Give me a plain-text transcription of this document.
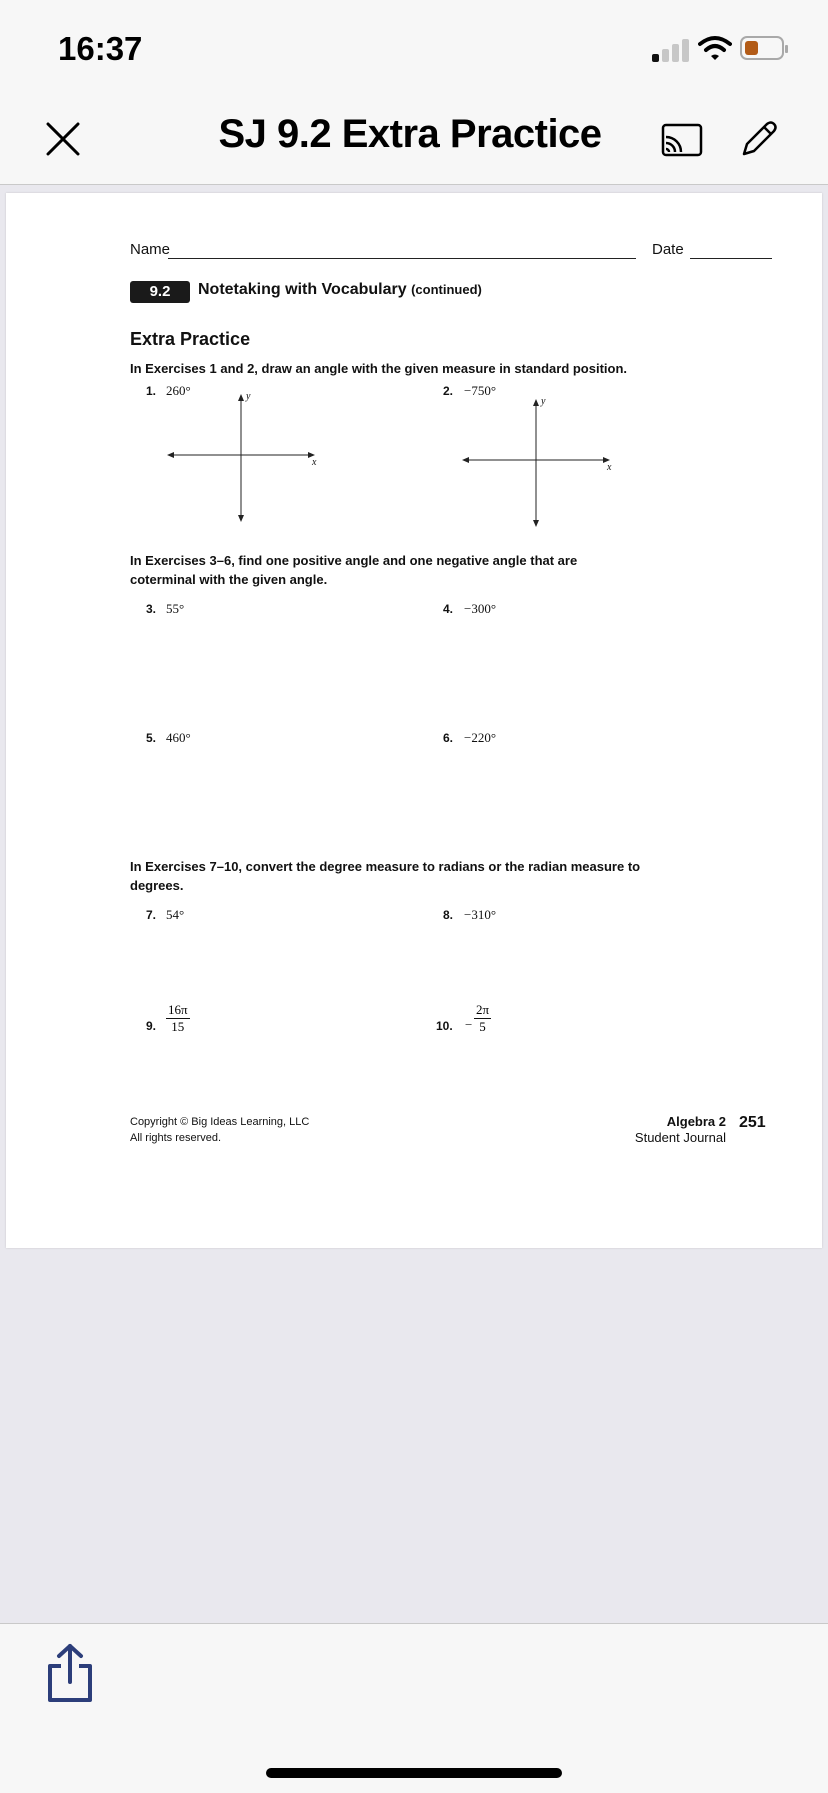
16:37
SJ 9.2 Extra Practice
Name	Date
9.2	Notetaking with Vocabulary (continued)
Extra Practice
In Exercises 1 and 2, draw an angle with the given measure in standard position.
1. 260°	2. −750°
y
x
y
x
In Exercises 3–6, find one positive angle and one negative angle that are
coterminal with the given angle.
3. 55°	4. −300°
5. 460°	6. −220°
In Exercises 7–10, convert the degree measure to radians or the radian measure to
degrees.
7. 54°	8. −310°
9. $\frac{16\pi}{15}$	10. − $\frac{2\pi}{5}$
Copyright © Big Ideas Learning, LLC
All rights reserved.
Algebra 2
Student Journal
251
